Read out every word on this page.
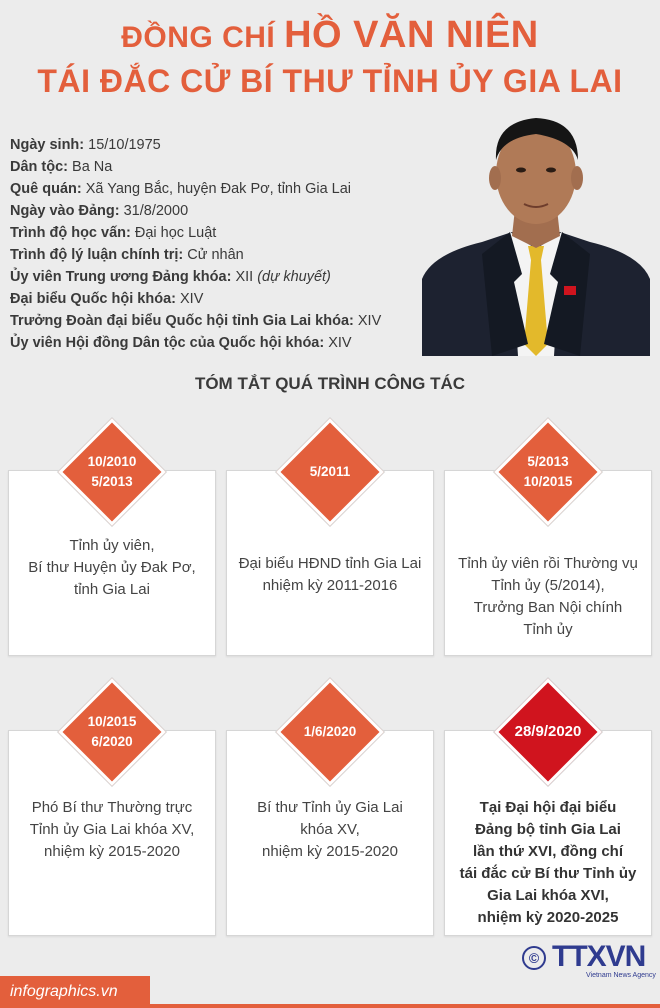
ĐỒNG CHÍ HỒ VĂN NIÊN
TÁI ĐẮC CỬ BÍ THƯ TỈNH ỦY GIA LAI
Ngày sinh: 15/10/1975
Dân tộc: Ba Na
Quê quán: Xã Yang Bắc, huyện Đak Pơ, tỉnh Gia Lai
Ngày vào Đảng: 31/8/2000
Trình độ học vấn: Đại học Luật
Trình độ lý luận chính trị: Cử nhân
Ủy viên Trung ương Đảng khóa: XII (dự khuyết)
Đại biểu Quốc hội khóa: XIV
Trưởng Đoàn đại biểu Quốc hội tỉnh Gia Lai khóa: XIV
Ủy viên Hội đồng Dân tộc của Quốc hội khóa: XIV
TÓM TẮT QUÁ TRÌNH CÔNG TÁC
Tỉnh ủy viên,
Bí thư Huyện ủy Đak Pơ,
tỉnh Gia Lai
Đại biểu HĐND tỉnh Gia Lai
nhiệm kỳ 2011-2016
Tỉnh ủy viên rồi Thường vụ
Tỉnh ủy (5/2014),
Trưởng Ban Nội chính
Tỉnh ủy
10/2010
5/2013
5/2011
5/2013
10/2015
Phó Bí thư Thường trực
Tỉnh ủy Gia Lai khóa XV,
nhiệm kỳ 2015-2020
Bí thư Tỉnh ủy Gia Lai
khóa XV,
nhiệm kỳ 2015-2020
Tại Đại hội đại biểu
Đảng bộ tỉnh Gia Lai
lần thứ XVI, đồng chí
tái đắc cử Bí thư Tỉnh ủy
Gia Lai khóa XVI,
nhiệm kỳ 2020-2025
10/2015
6/2020
1/6/2020	28/9/2020
© TTXVN
Vietnam News Agency
infographics.vn
